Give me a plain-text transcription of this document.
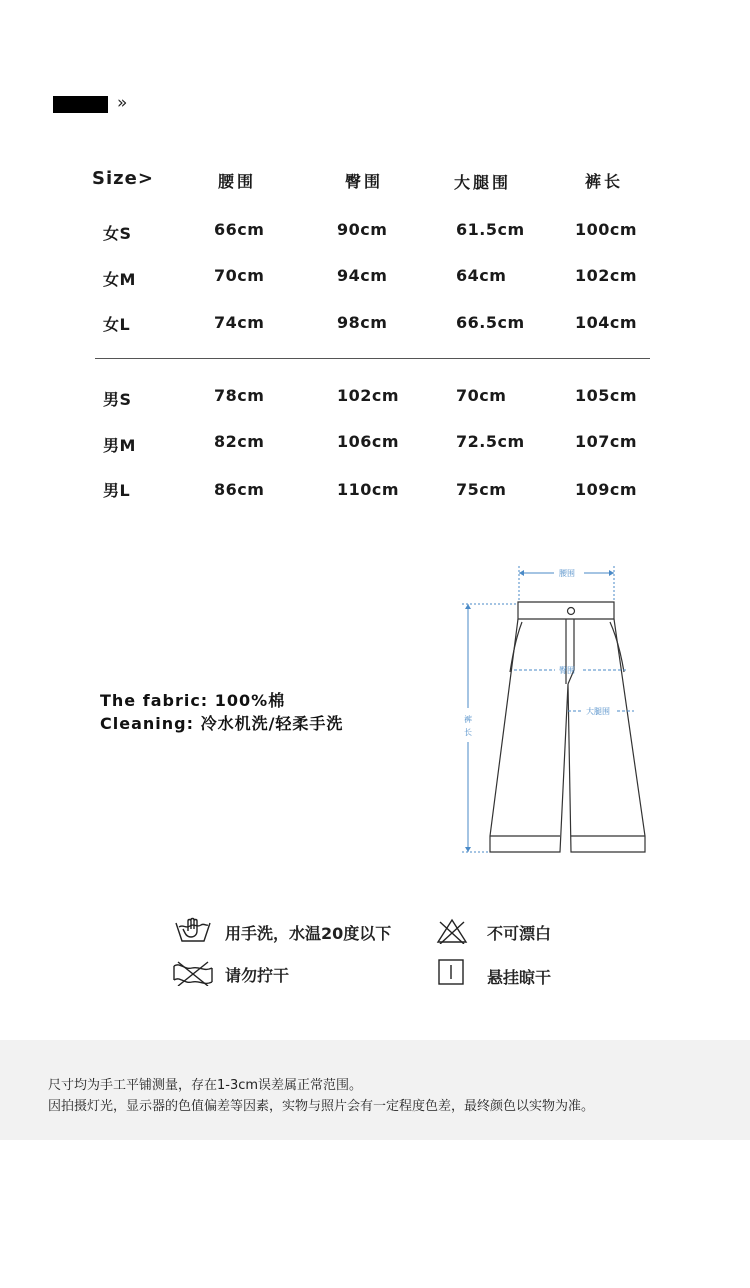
»
Size>	腰围	臀围	大腿围	裤长
女S	66cm	90cm	61.5cm	100cm
女M	70cm	94cm	64cm	102cm
女L	74cm	98cm	66.5cm	104cm
男S	78cm	102cm	70cm	105cm
男M	82cm	106cm	72.5cm	107cm
男L	86cm	110cm	75cm	109cm
The fabric: 100%棉
Cleaning: 冷水机洗/轻柔手洗
腰围
臀围
大腿围
裤
长
用手洗，水温20度以下	不可漂白
请勿拧干	悬挂晾干
尺寸均为手工平铺测量，存在1-3cm误差属正常范围。
因拍摄灯光，显示器的色值偏差等因素，实物与照片会有一定程度色差，最终颜色以实物为准。
